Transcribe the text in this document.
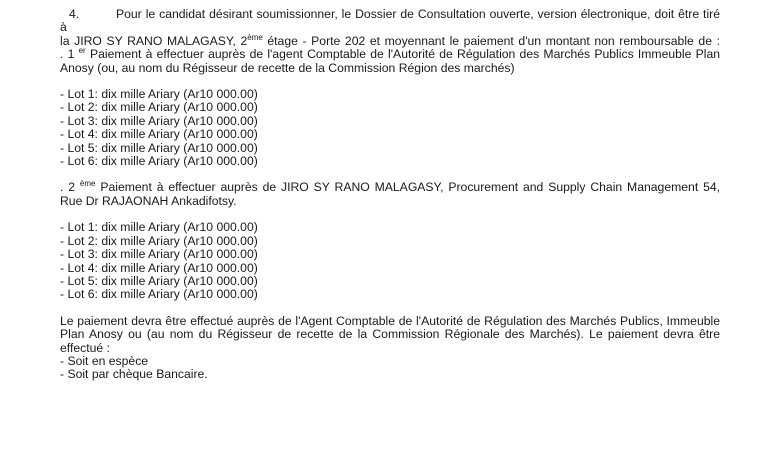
4.	Pour le candidat désirant soumissionner, le Dossier de Consultation ouverte, version électronique, doit être tiré à
la JIRO SY RANO MALAGASY, 2ème étage - Porte 202 et moyennant le paiement d'un montant non remboursable de :
. 1 $^{er}$ Paiement à effectuer auprès de l'agent Comptable de l'Autorité de Régulation des Marchés Publics Immeuble Plan
Anosy (ou, au nom du Régisseur de recette de la Commission Région des marchés)
- Lot 1: dix mille Ariary (Ar10 000.00)
- Lot 2: dix mille Ariary (Ar10 000.00)
- Lot 3: dix mille Ariary (Ar10 000.00)
- Lot 4: dix mille Ariary (Ar10 000.00)
- Lot 5: dix mille Ariary (Ar10 000.00)
- Lot 6: dix mille Ariary (Ar10 000.00)
. 2 $^{ème}$ Paiement à effectuer auprès de JIRO SY RANO MALAGASY, Procurement and Supply Chain Management 54,
Rue Dr RAJAONAH Ankadifotsy.
- Lot 1: dix mille Ariary (Ar10 000.00)
- Lot 2: dix mille Ariary (Ar10 000.00)
- Lot 3: dix mille Ariary (Ar10 000.00)
- Lot 4: dix mille Ariary (Ar10 000.00)
- Lot 5: dix mille Ariary (Ar10 000.00)
- Lot 6: dix mille Ariary (Ar10 000.00)
Le paiement devra être effectué auprès de l'Agent Comptable de l'Autorité de Régulation des Marchés Publics, Immeuble
Plan Anosy ou (au nom du Régisseur de recette de la Commission Régionale des Marchés). Le paiement devra être
effectué :
- Soit en espèce
- Soit par chèque Bancaire.
